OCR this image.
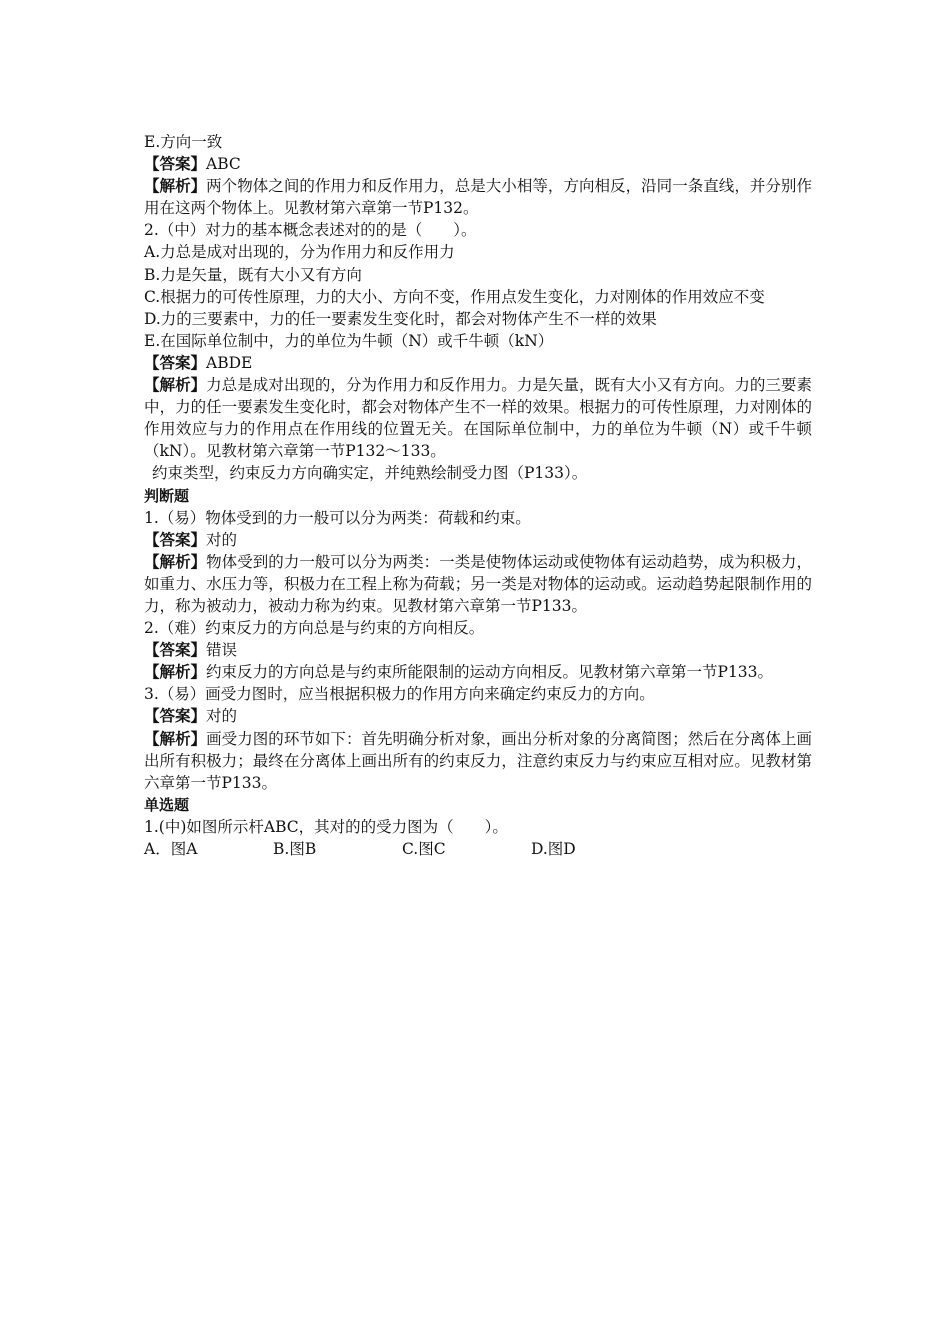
E.方向一致
【答案】ABC
【解析】两个物体之间的作用力和反作用力，总是大小相等，方向相反，沿同一条直线，并分别作用在这两个物体上。见教材第六章第一节P132。
2.（中）对力的基本概念表述对的的是（　　）。
A.力总是成对出现的，分为作用力和反作用力
B.力是矢量，既有大小又有方向
C.根据力的可传性原理，力的大小、方向不变，作用点发生变化，力对刚体的作用效应不变
D.力的三要素中，力的任一要素发生变化时，都会对物体产生不一样的效果
E.在国际单位制中，力的单位为牛顿（N）或千牛顿（kN）
【答案】ABDE
【解析】力总是成对出现的，分为作用力和反作用力。力是矢量，既有大小又有方向。力的三要素中，力的任一要素发生变化时，都会对物体产生不一样的效果。根据力的可传性原理，力对刚体的作用效应与力的作用点在作用线的位置无关。在国际单位制中，力的单位为牛顿（N）或千牛顿（kN）。见教材第六章第一节P132～133。
约束类型，约束反力方向确实定，并纯熟绘制受力图（P133）。
判断题
1.（易）物体受到的力一般可以分为两类：荷载和约束。
【答案】对的
【解析】物体受到的力一般可以分为两类：一类是使物体运动或使物体有运动趋势，成为积极力，如重力、水压力等，积极力在工程上称为荷载；另一类是对物体的运动或。运动趋势起限制作用的力，称为被动力，被动力称为约束。见教材第六章第一节P133。
2.（难）约束反力的方向总是与约束的方向相反。
【答案】错误
【解析】约束反力的方向总是与约束所能限制的运动方向相反。见教材第六章第一节P133。
3.（易）画受力图时，应当根据积极力的作用方向来确定约束反力的方向。
【答案】对的
【解析】画受力图的环节如下：首先明确分析对象，画出分析对象的分离简图；然后在分离体上画出所有积极力；最终在分离体上画出所有的约束反力，注意约束反力与约束应互相对应。见教材第六章第一节P133。
单选题
1.(中)如图所示杆ABC，其对的的受力图为（　　）。
A．图A	B.图B	C.图C	D.图D
